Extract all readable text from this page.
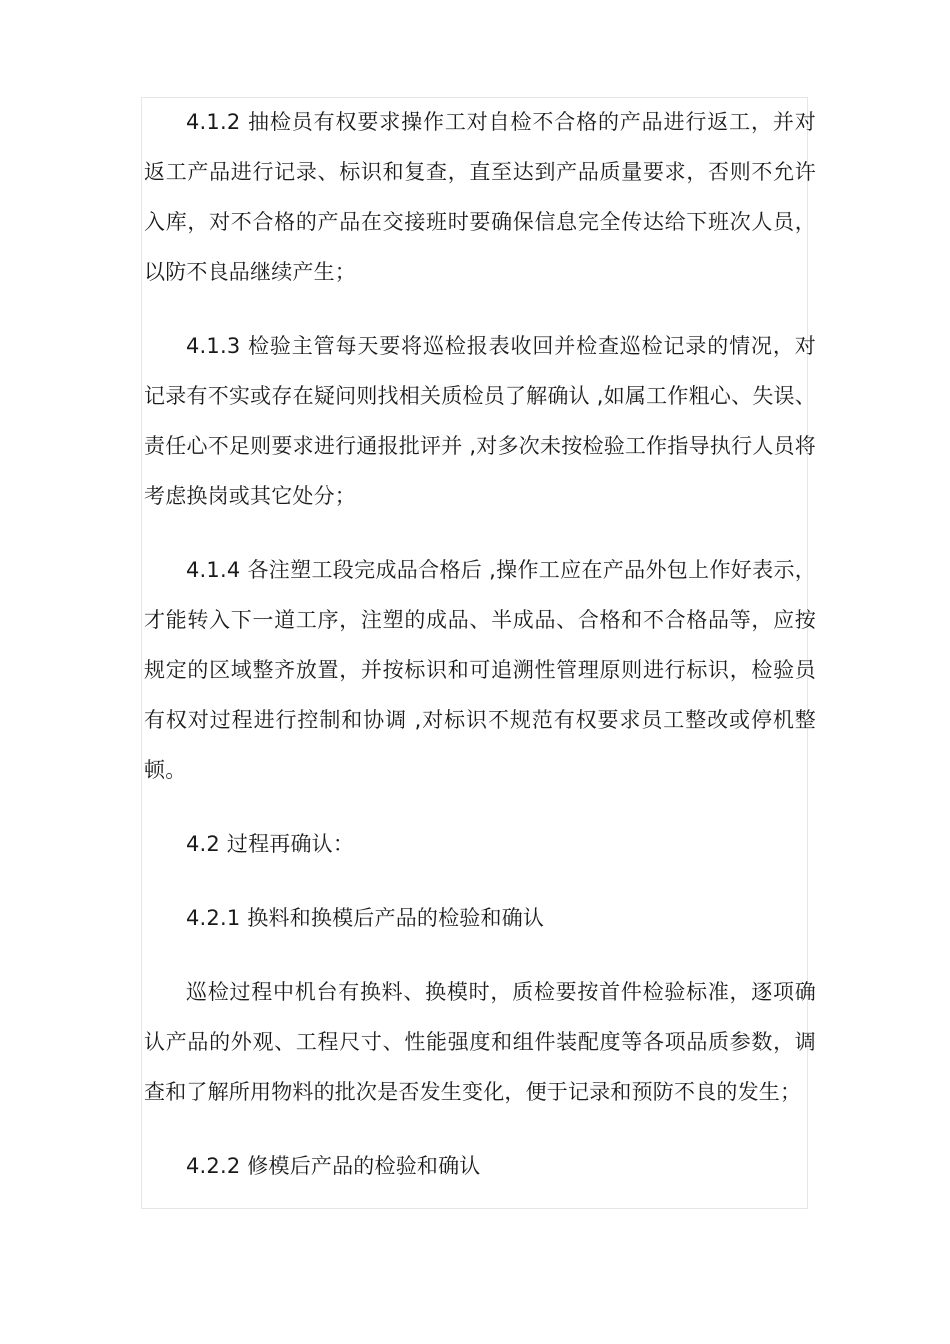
4.1.2 抽检员有权要求操作工对自检不合格的产品进行返工，并对返工产品进行记录、标识和复查，直至达到产品质量要求，否则不允许入库，对不合格的产品在交接班时要确保信息完全传达给下班次人员，以防不良品继续产生；

4.1.3 检验主管每天要将巡检报表收回并检查巡检记录的情况，对记录有不实或存在疑问则找相关质检员了解确认 ,如属工作粗心、失误、责任心不足则要求进行通报批评并 ,对多次未按检验工作指导执行人员将考虑换岗或其它处分；

4.1.4 各注塑工段完成品合格后 ,操作工应在产品外包上作好表示，才能转入下一道工序，注塑的成品、半成品、合格和不合格品等，应按规定的区域整齐放置，并按标识和可追溯性管理原则进行标识，检验员有权对过程进行控制和协调 ,对标识不规范有权要求员工整改或停机整顿。

4.2 过程再确认：

4.2.1 换料和换模后产品的检验和确认

巡检过程中机台有换料、换模时，质检要按首件检验标准，逐项确认产品的外观、工程尺寸、性能强度和组件装配度等各项品质参数，调查和了解所用物料的批次是否发生变化，便于记录和预防不良的发生；

4.2.2 修模后产品的检验和确认
